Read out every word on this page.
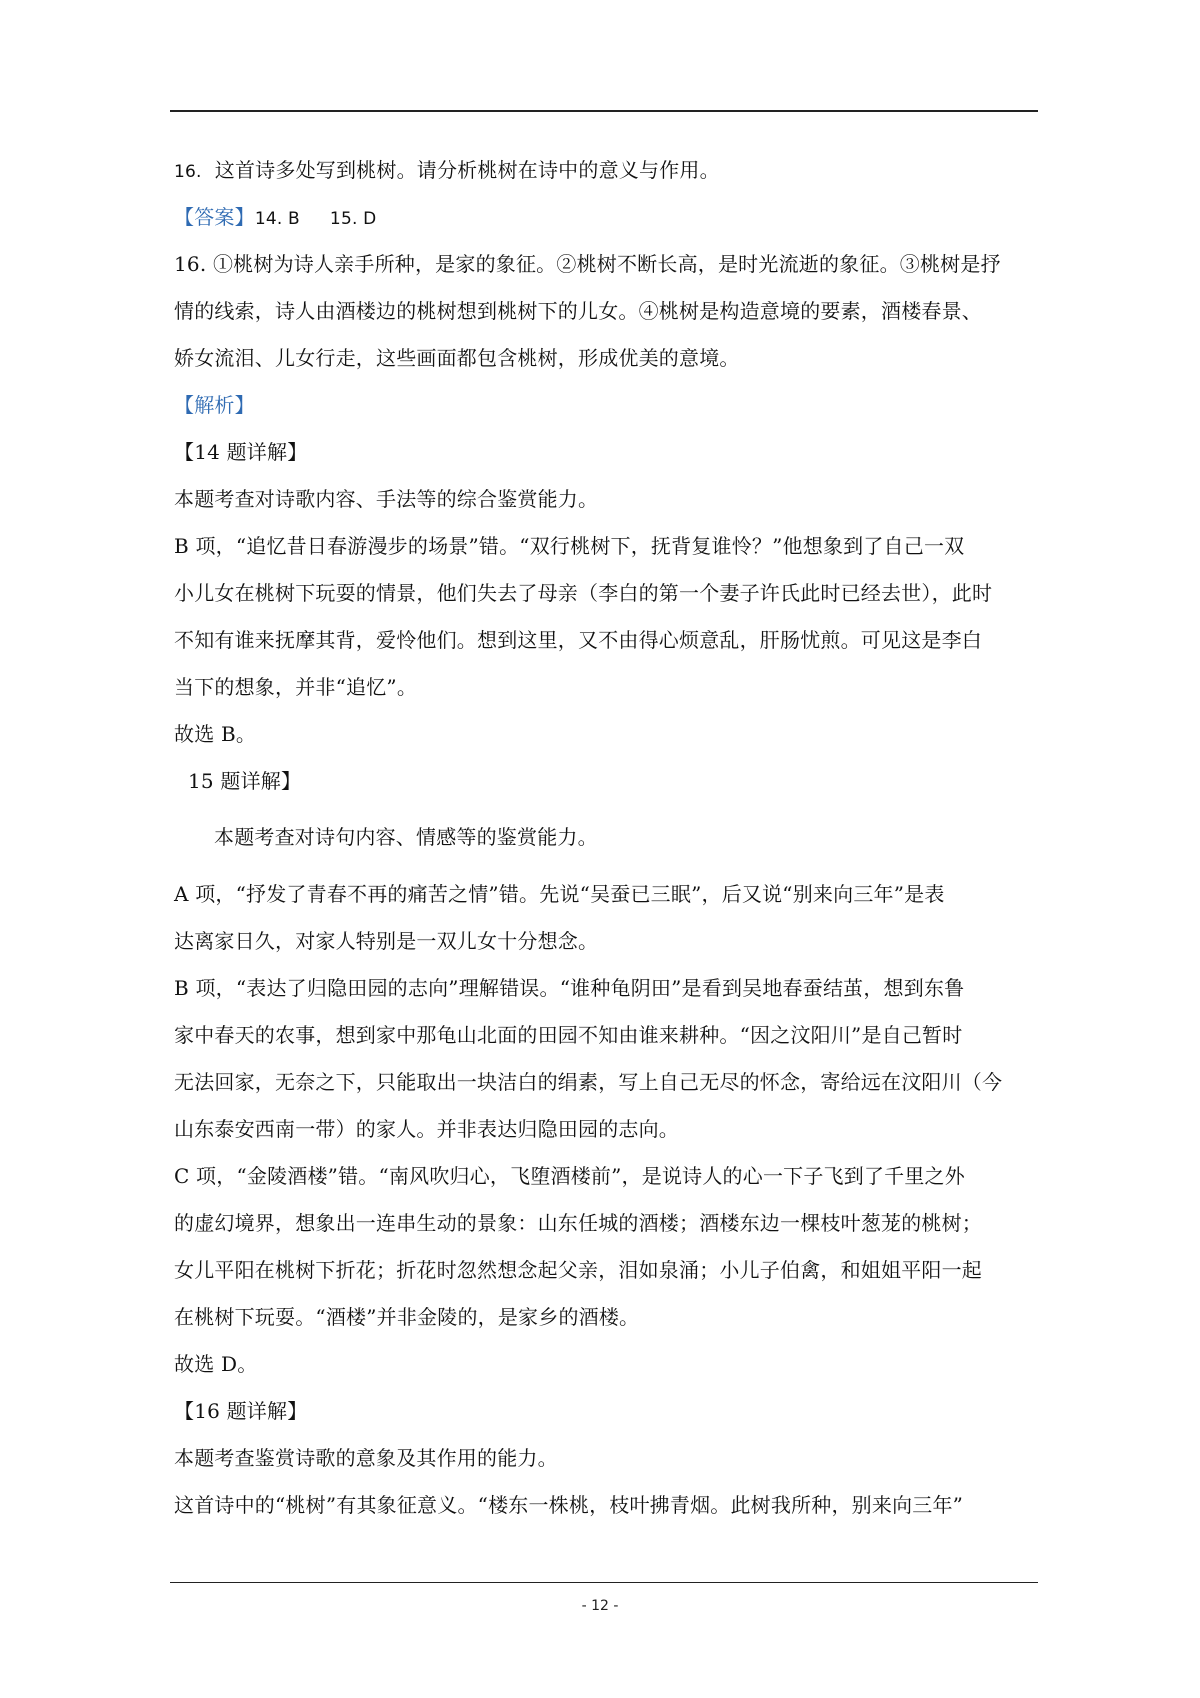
16. 这首诗多处写到桃树。请分析桃树在诗中的意义与作用。
【答案】14. B 15. D
16. ①桃树为诗人亲手所种，是家的象征。②桃树不断长高，是时光流逝的象征。③桃树是抒
情的线索，诗人由酒楼边的桃树想到桃树下的儿女。④桃树是构造意境的要素，酒楼春景、
娇女流泪、儿女行走，这些画面都包含桃树，形成优美的意境。
【解析】
【14 题详解】
本题考查对诗歌内容、手法等的综合鉴赏能力。
B 项，“追忆昔日春游漫步的场景”错。“双行桃树下，抚背复谁怜？”他想象到了自己一双
小儿女在桃树下玩耍的情景，他们失去了母亲（李白的第一个妻子许氏此时已经去世），此时
不知有谁来抚摩其背，爱怜他们。想到这里，又不由得心烦意乱，肝肠忧煎。可见这是李白
当下的想象，并非“追忆”。
故选 B。
15 题详解】
本题考查对诗句内容、情感等的鉴赏能力。
A 项，“抒发了青春不再的痛苦之情”错。先说“吴蚕已三眠”，后又说“别来向三年”是表
达离家日久，对家人特别是一双儿女十分想念。
B 项，“表达了归隐田园的志向”理解错误。“谁种龟阴田”是看到吴地春蚕结茧，想到东鲁
家中春天的农事，想到家中那龟山北面的田园不知由谁来耕种。“因之汶阳川”是自己暂时
无法回家，无奈之下，只能取出一块洁白的绢素，写上自己无尽的怀念，寄给远在汶阳川（今
山东泰安西南一带）的家人。并非表达归隐田园的志向。
C 项，“金陵酒楼”错。“南风吹归心，飞堕酒楼前”，是说诗人的心一下子飞到了千里之外
的虚幻境界，想象出一连串生动的景象：山东任城的酒楼；酒楼东边一棵枝叶葱茏的桃树；
女儿平阳在桃树下折花；折花时忽然想念起父亲，泪如泉涌；小儿子伯禽，和姐姐平阳一起
在桃树下玩耍。“酒楼”并非金陵的，是家乡的酒楼。
故选 D。
【16 题详解】
本题考查鉴赏诗歌的意象及其作用的能力。
这首诗中的“桃树”有其象征意义。“楼东一株桃，枝叶拂青烟。此树我所种，别来向三年”
- 12 -
